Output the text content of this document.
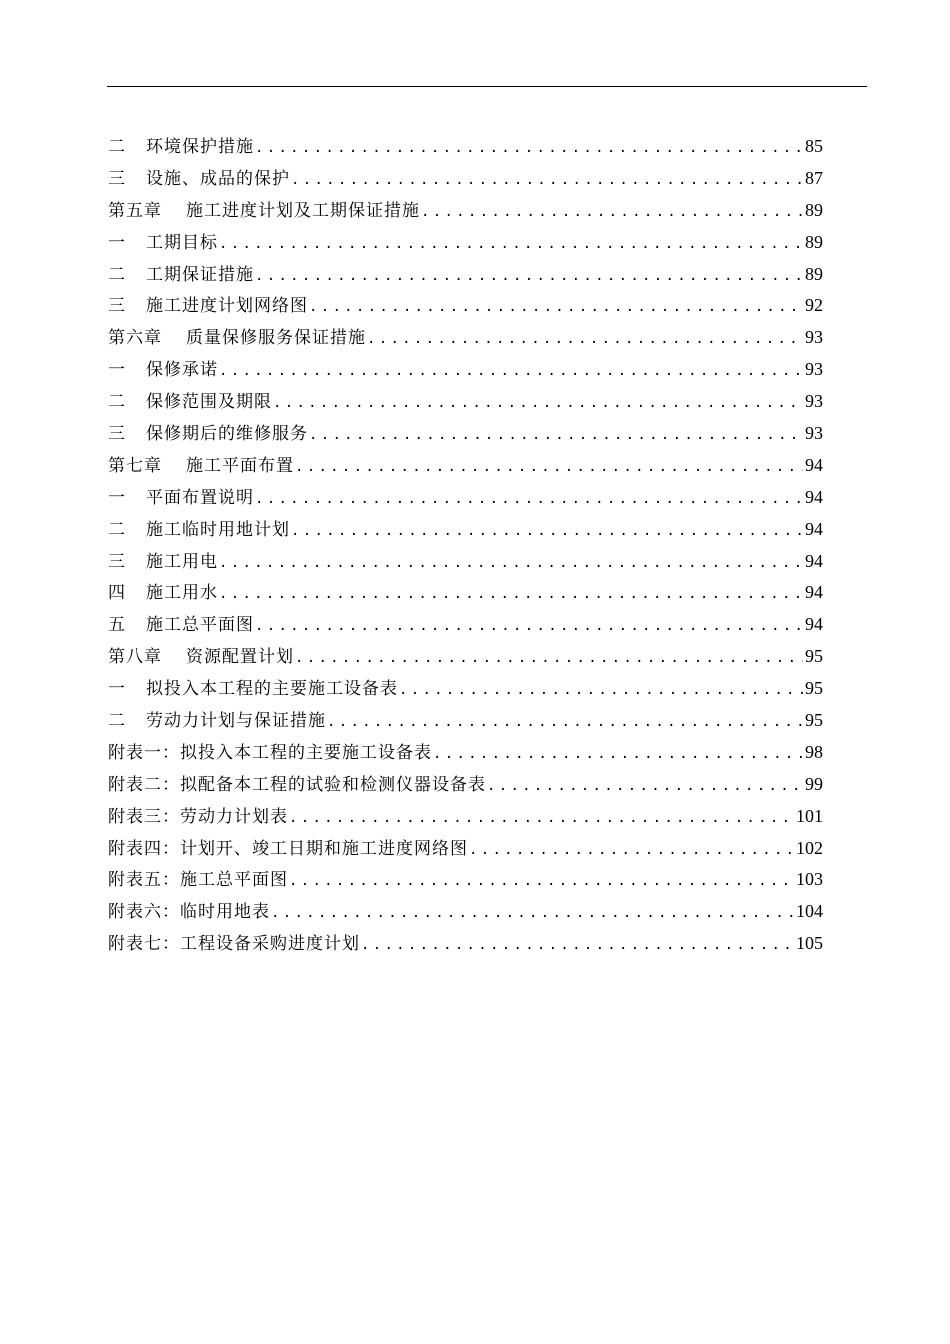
二 环境保护措施 .....	85
三 设施、成品的保护 .....	87
第五章 施工进度计划及工期保证措施 .....	89
一 工期目标 .....	89
二 工期保证措施 .....	89
三 施工进度计划网络图 .....	92
第六章 质量保修服务保证措施 .....	93
一 保修承诺 .....	93
二 保修范围及期限 .....	93
三 保修期后的维修服务 .....	93
第七章 施工平面布置 .....	94
一 平面布置说明 .....	94
二 施工临时用地计划 .....	94
三 施工用电 .....	94
四 施工用水 .....	94
五 施工总平面图 .....	94
第八章 资源配置计划 .....	95
一 拟投入本工程的主要施工设备表 .....	95
二 劳动力计划与保证措施 .....	95
附表一：拟投入本工程的主要施工设备表 .....	98
附表二：拟配备本工程的试验和检测仪器设备表 .....	99
附表三：劳动力计划表 .....	101
附表四：计划开、竣工日期和施工进度网络图 .....	102
附表五：施工总平面图 .....	103
附表六：临时用地表 .....	104
附表七：工程设备采购进度计划 .....	105
